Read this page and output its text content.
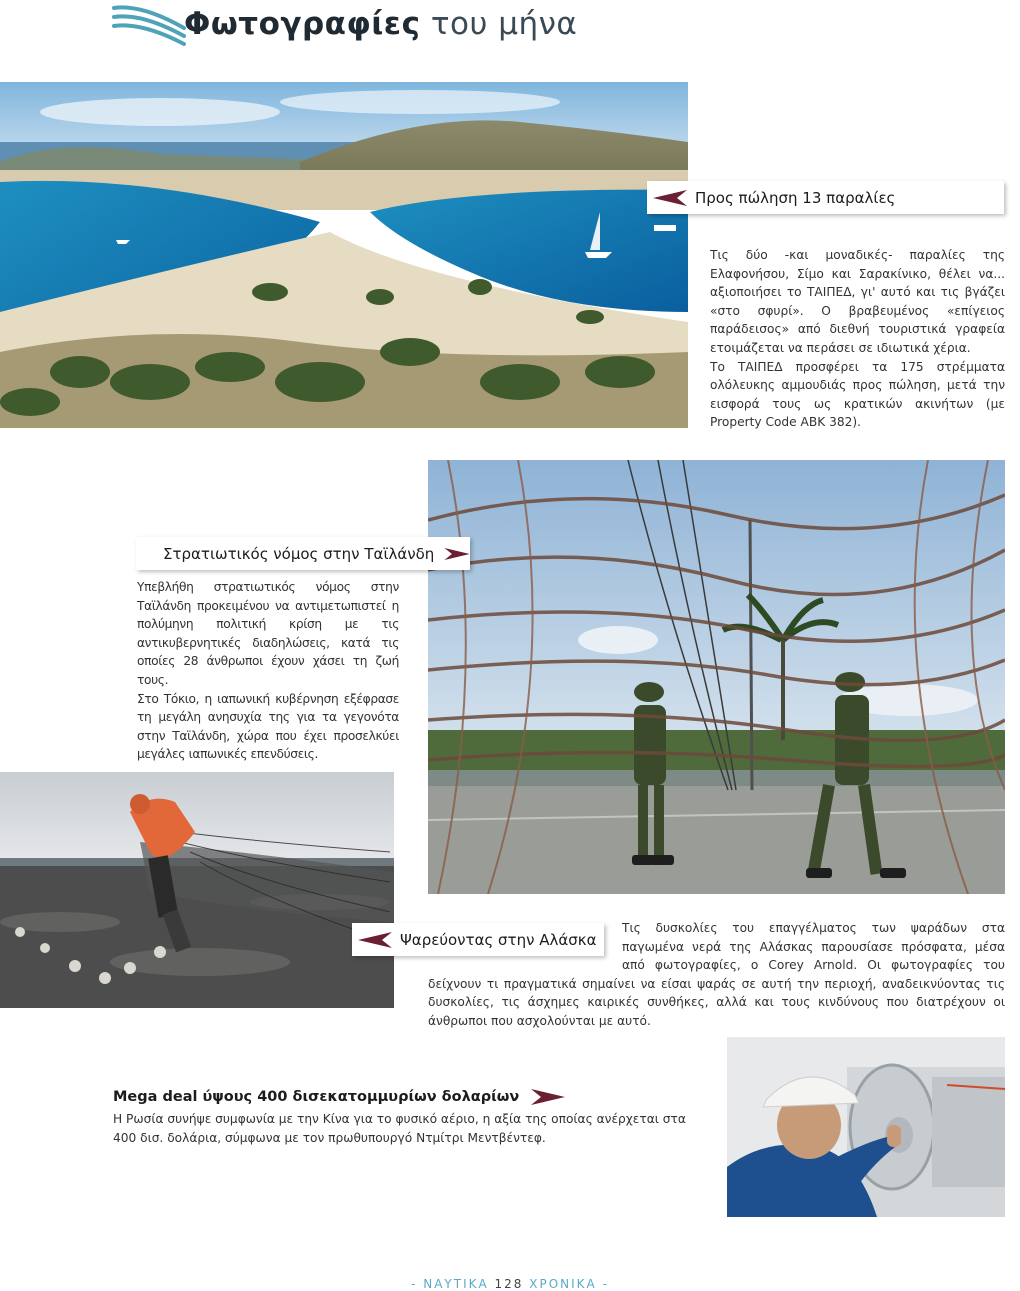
Φωτογραφίες του μήνα
Προς πώληση 13 παραλίες

Τις δύο -και μοναδικές- παραλίες της Ελαφονήσου, Σίμο και Σαρακίνικο, θέλει να... αξιοποιήσει το ΤΑΙΠΕΔ, γι' αυτό και τις βγάζει «στο σφυρί». Ο βραβευμένος «επίγειος παράδεισος» από διεθνή τουριστικά γραφεία ετοιμάζεται να περάσει σε ιδιωτικά χέρια.

Το ΤΑΙΠΕΔ προσφέρει τα 175 στρέμματα ολόλευκης αμμουδιάς προς πώληση, μετά την εισφορά τους ως κρατικών ακινήτων (με Property Code ABK 382).

Στρατιωτικός νόμος στην Ταϊλάνδη

Υπεβλήθη στρατιωτικός νόμος στην Ταϊλάνδη προκειμένου να αντιμετωπιστεί η πολύμηνη πολιτική κρίση με τις αντικυβερνητικές διαδηλώσεις, κατά τις οποίες 28 άνθρωποι έχουν χάσει τη ζωή τους.

Στο Τόκιο, η ιαπωνική κυβέρνηση εξέφρασε τη μεγάλη ανησυχία της για τα γεγονότα στην Ταϊλάνδη, χώρα που έχει προσελκύει μεγάλες ιαπωνικές επενδύσεις.

Ψαρεύοντας στην Αλάσκα

Τις δυσκολίες του επαγγέλματος των ψαράδων στα παγωμένα νερά της Αλάσκας παρουσίασε πρόσφατα, μέσα από φωτογραφίες, ο Corey Arnold. Οι φωτογραφίες του δείχνουν τι πραγματικά σημαίνει να είσαι ψαράς σε αυτή την περιοχή, αναδεικνύοντας τις δυσκολίες, τις άσχημες καιρικές συνθήκες, αλλά και τους κινδύνους που διατρέχουν οι άνθρωποι που ασχολούνται με αυτό.

Mega deal ύψους 400 δισεκατομμυρίων δολαρίων

Η Ρωσία συνήψε συμφωνία με την Κίνα για το φυσικό αέριο, η αξία της οποίας ανέρχεται στα 400 δισ. δολάρια, σύμφωνα με τον πρωθυπουργό Ντμίτρι Μεντβέντεφ.

- ΝΑΥΤΙΚΑ 128 ΧΡΟΝΙΚΑ -
